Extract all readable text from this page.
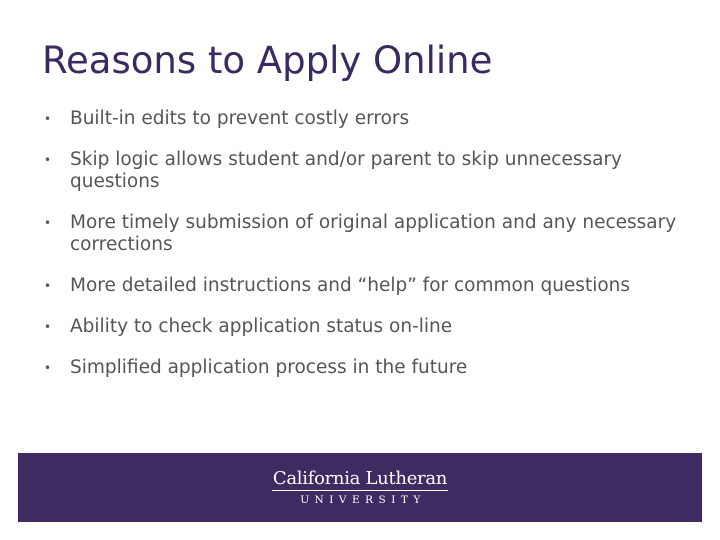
Reasons to Apply Online
• Built-in edits to prevent costly errors
• Skip logic allows student and/or parent to skip unnecessary questions
• More timely submission of original application and any necessary corrections
• More detailed instructions and “help” for common questions
• Ability to check application status on-line
• Simplified application process in the future
California Lutheran
UNIVERSITY
